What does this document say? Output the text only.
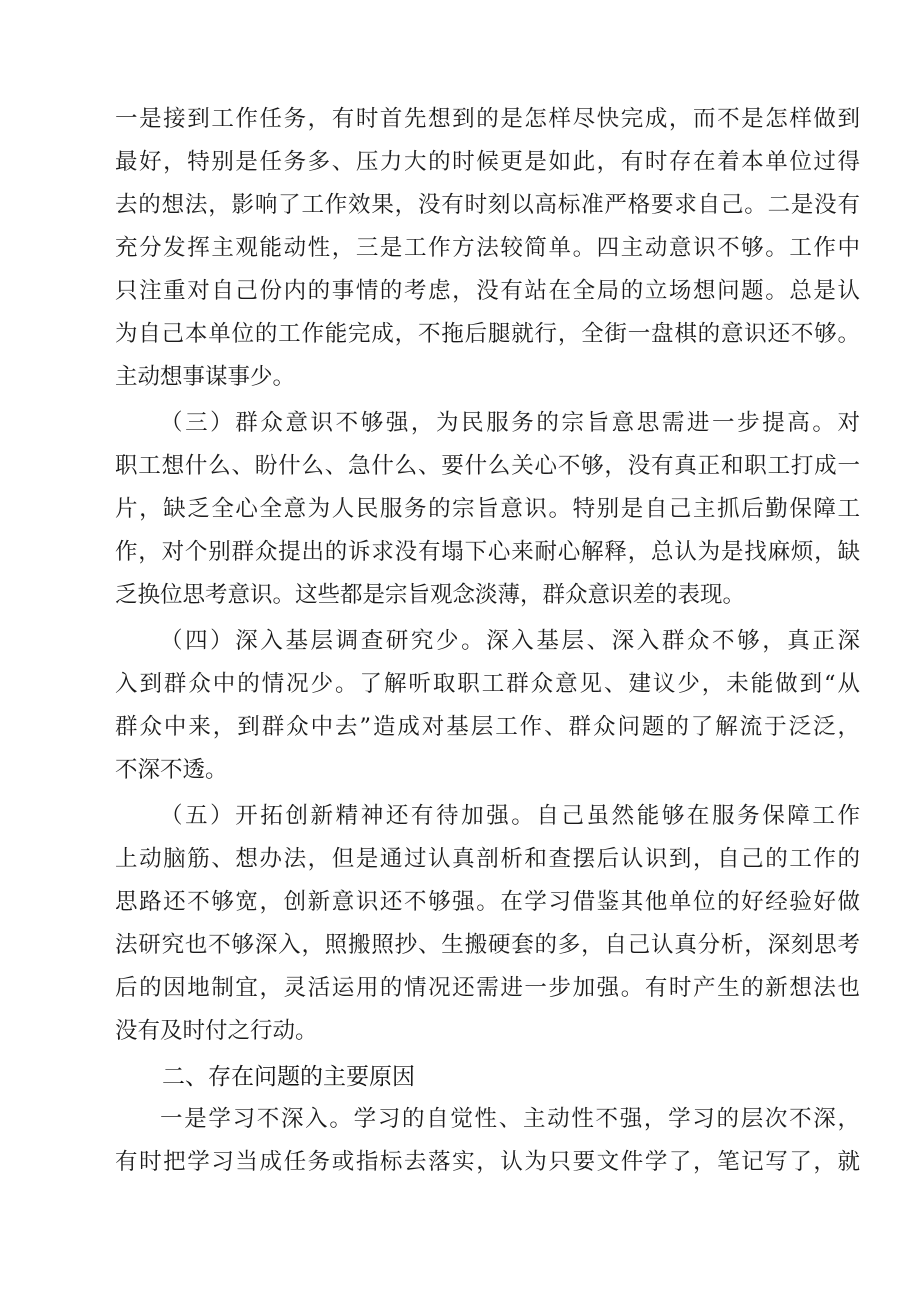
一是接到工作任务，有时首先想到的是怎样尽快完成，而不是怎样做到
最好，特别是任务多、压力大的时候更是如此，有时存在着本单位过得
去的想法，影响了工作效果，没有时刻以高标准严格要求自己。二是没有
充分发挥主观能动性，三是工作方法较简单。四主动意识不够。工作中
只注重对自己份内的事情的考虑，没有站在全局的立场想问题。总是认
为自己本单位的工作能完成，不拖后腿就行，全街一盘棋的意识还不够。
主动想事谋事少。
（三）群众意识不够强，为民服务的宗旨意思需进一步提高。对
职工想什么、盼什么、急什么、要什么关心不够，没有真正和职工打成一
片，缺乏全心全意为人民服务的宗旨意识。特别是自己主抓后勤保障工
作，对个别群众提出的诉求没有塌下心来耐心解释，总认为是找麻烦，缺
乏换位思考意识。这些都是宗旨观念淡薄，群众意识差的表现。
（四）深入基层调查研究少。深入基层、深入群众不够，真正深
入到群众中的情况少。了解听取职工群众意见、建议少，未能做到“从
群众中来，到群众中去”造成对基层工作、群众问题的了解流于泛泛，
不深不透。
（五）开拓创新精神还有待加强。自己虽然能够在服务保障工作
上动脑筋、想办法，但是通过认真剖析和查摆后认识到，自己的工作的
思路还不够宽，创新意识还不够强。在学习借鉴其他单位的好经验好做
法研究也不够深入，照搬照抄、生搬硬套的多，自己认真分析，深刻思考
后的因地制宜，灵活运用的情况还需进一步加强。有时产生的新想法也
没有及时付之行动。
二、存在问题的主要原因
一是学习不深入。学习的自觉性、主动性不强，学习的层次不深，
有时把学习当成任务或指标去落实，认为只要文件学了，笔记写了，就
